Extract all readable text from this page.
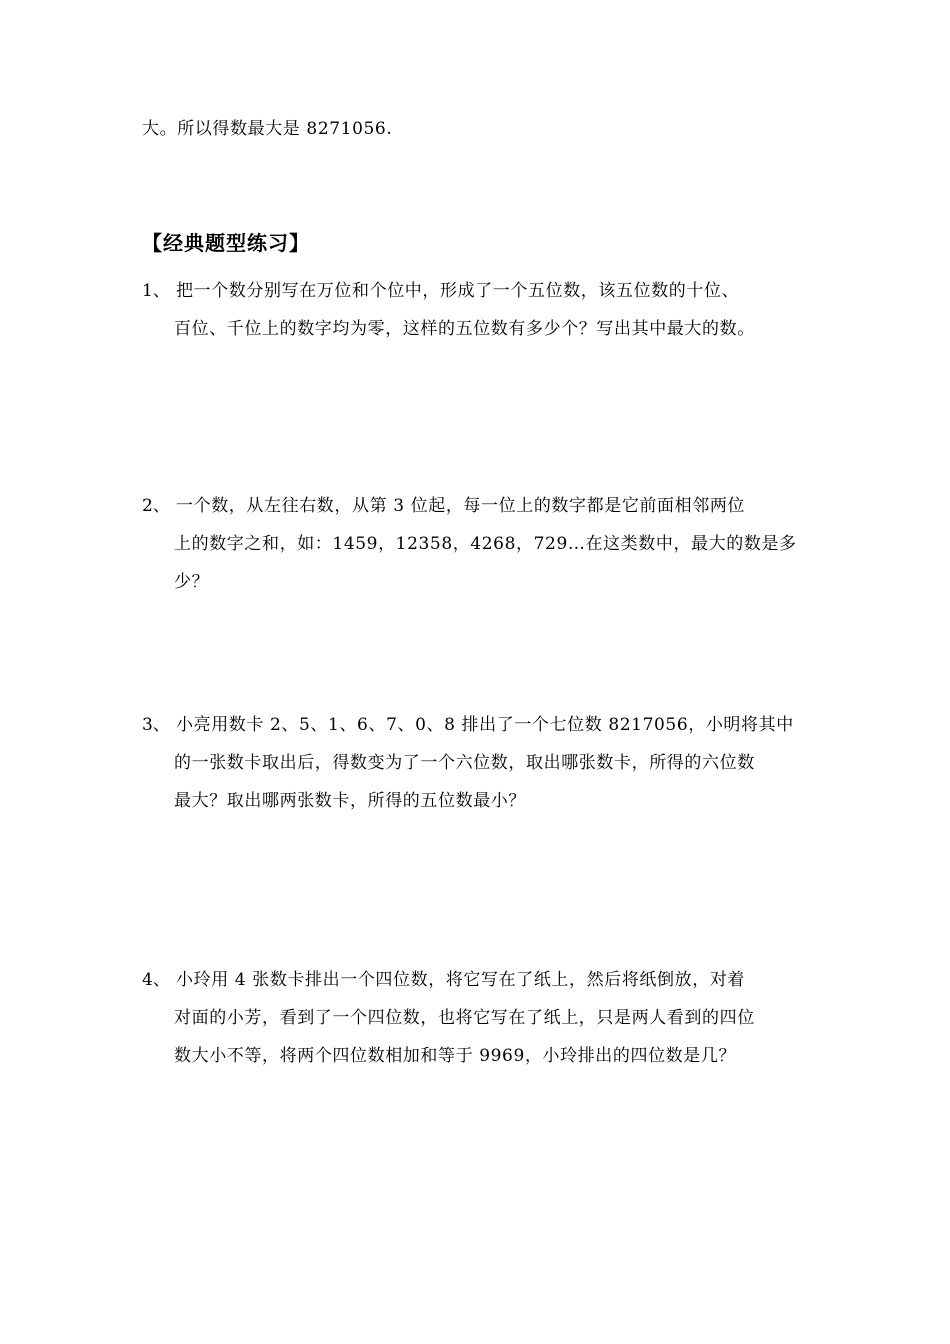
大。所以得数最大是 8271056.
【经典题型练习】
1、 把一个数分别写在万位和个位中，形成了一个五位数，该五位数的十位、
百位、千位上的数字均为零，这样的五位数有多少个？写出其中最大的数。
2、 一个数，从左往右数，从第 3 位起，每一位上的数字都是它前面相邻两位
上的数字之和，如：1459，12358，4268，729…在这类数中，最大的数是多
少？
3、 小亮用数卡 2、5、1、6、7、0、8 排出了一个七位数 8217056，小明将其中
的一张数卡取出后，得数变为了一个六位数，取出哪张数卡，所得的六位数
最大？取出哪两张数卡，所得的五位数最小？
4、 小玲用 4 张数卡排出一个四位数，将它写在了纸上，然后将纸倒放，对着
对面的小芳，看到了一个四位数，也将它写在了纸上，只是两人看到的四位
数大小不等，将两个四位数相加和等于 9969，小玲排出的四位数是几？
